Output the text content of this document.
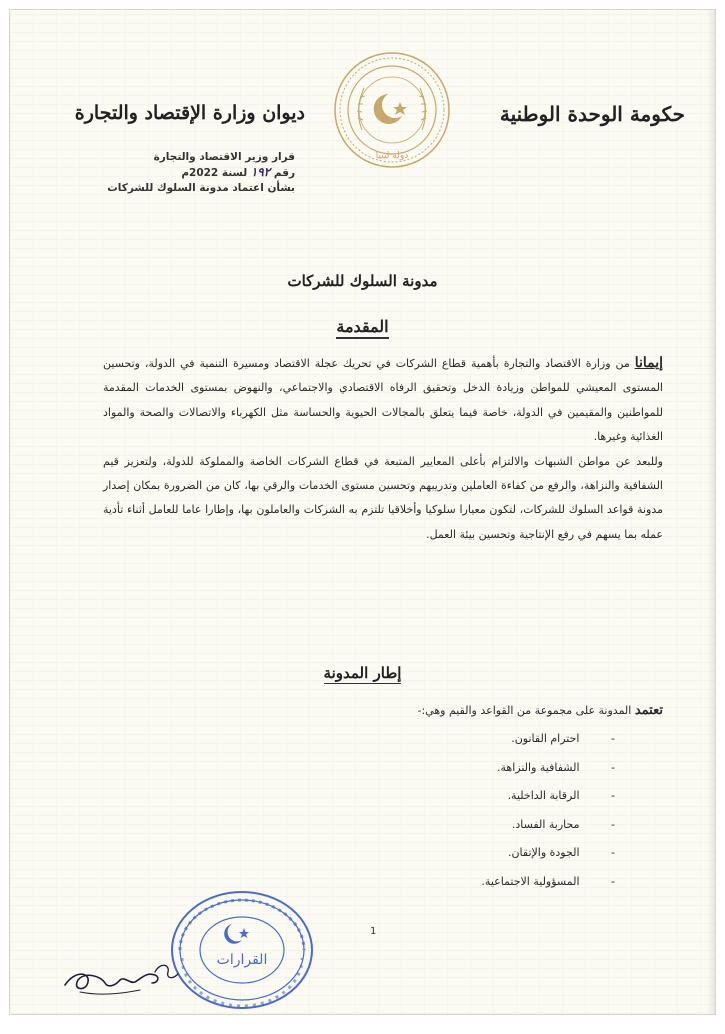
حكومة الوحدة الوطنية
ديوان وزارة الإقتصاد والتجارة
دولة ليبيا
قرار وزير الاقتصاد والتجارة
رقم ١٩٢ لسنة 2022م
بشأن اعتماد مدونة السلوك للشركات
مدونة السلوك للشركات
المقدمة

إيمانا من وزارة الاقتصاد والتجارة بأهمية قطاع الشركات في تحريك عجلة الاقتصاد ومسيرة التنمية في الدولة، وتحسين المستوى المعيشي للمواطن وزيادة الدخل وتحقيق الرفاه الاقتصادي والاجتماعي، والنهوض بمستوى الخدمات المقدمة للمواطنين والمقيمين في الدولة، خاصة فيما يتعلق بالمجالات الحيوية والحساسة مثل الكهرباء والاتصالات والصحة والمواد الغذائية وغيرها.

وللبعد عن مواطن الشبهات والالتزام بأعلى المعايير المتبعة في قطاع الشركات الخاصة والمملوكة للدولة، ولتعزيز قيم الشفافية والنزاهة، والرفع من كفاءة العاملين وتدريبهم وتحسين مستوى الخدمات والرقي بها، كان من الضرورة بمكان إصدار مدونة قواعد السلوك للشركات، لتكون معيارا سلوكيا وأخلاقيا تلتزم به الشركات والعاملون بها، وإطارا عاما للعامل أثناء تأدية عمله بما يسهم في رفع الإنتاجية وتحسين بيئة العمل.

إطار المدونة
تعتمد المدونة على مجموعة من القواعد والقيم وهي:-
- احترام القانون.
- الشفافية والنزاهة.
- الرقابة الداخلية.
- محاربة الفساد.
- الجودة والإتقان.
- المسؤولية الاجتماعية.
1
القرارات
